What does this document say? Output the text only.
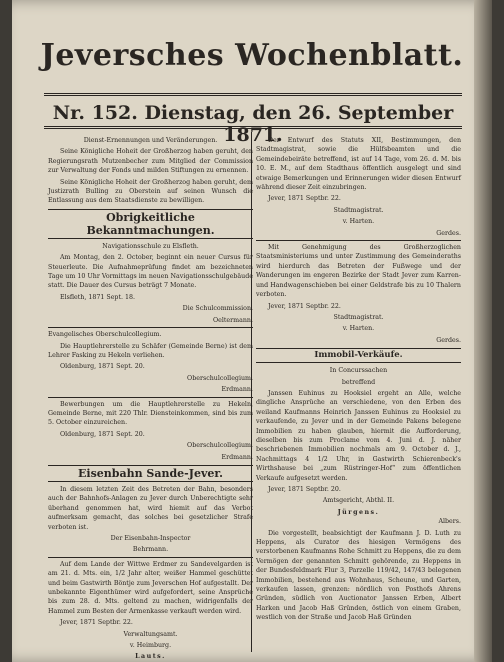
Jeversches Wochenblatt.
Nr. 152. Dienstag, den 26. September 1871.
Dienst-Ernennungen und Veränderungen.
Seine Königliche Hoheit der Großherzog haben geruht, den Regierungsrath Mutzenbecher zum Mitglied der Commission zur Verwaltung der Fonds und milden Stiftungen zu ernennen.
Seine Königliche Hoheit der Großherzog haben geruht, dem Justizrath Bulling zu Oberstein auf seinen Wunsch die Entlassung aus dem Staatsdienste zu bewilligen.
Obrigkeitliche Bekanntmachungen.
Navigationsschule zu Elsfleth.
Am Montag, den 2. October, beginnt ein neuer Cursus für Steuerleute. Die Aufnahmeprüfung findet am bezeichneten Tage um 10 Uhr Vormittags im neuen Navigationsschulgebäude statt. Die Dauer des Cursus beträgt 7 Monate.
Elsfleth, 1871 Sept. 18.
Die Schulcommission.
Oeltermann.
Evangelisches Oberschulcollegium.
Die Hauptlehrerstelle zu Schäfer (Gemeinde Berne) ist dem Lehrer Fasking zu Hekeln verliehen.
Oldenburg, 1871 Sept. 20.
Oberschulcollegium.
Erdmann.
Bewerbungen um die Hauptlehrerstelle zu Hekeln, Gemeinde Berne, mit 220 Thlr. Diensteinkommen, sind bis zum 5. October einzureichen.
Oldenburg, 1871 Sept. 20.
Oberschulcollegium.
Erdmann.
Eisenbahn Sande-Jever.
In diesem letzten Zeit des Betreten der Bahn, besonders auch der Bahnhofs-Anlagen zu Jever durch Unberechtigte sehr überhand genommen hat, wird hiemit auf das Verbot aufmerksam gemacht, das solches bei gesetzlicher Strafe verboten ist.
Der Eisenbahn-Inspector
Behrmann.
Auf dem Lande der Wittwe Erdmer zu Sandevelgarden ist am 21. d. Mts. ein, 1/2 Jahr alter, weißer Hammel geschüttet und beim Gastwirth Böntje zum Jeverschen Hof aufgestallt. Der unbekannte Eigenthümer wird aufgefordert, seine Ansprüche bis zum 28. d. Mts. geltend zu machen, widrigenfalls der Hammel zum Besten der Armenkasse verkauft werden wird.
Jever, 1871 Septbr. 22.
Verwaltungsamt.
v. Heimburg.
Lauts.
Der Entwurf des Statuts XII, Bestimmungen, den Stadtmagistrat, sowie die Hülfsbeamten und die Gemeindebeiräte betreffend, ist auf 14 Tage, vom 26. d. M. bis 10. E. M., auf dem Stadthaus öffentlich ausgelegt und sind etwaige Bemerkungen und Erinnerungen wider diesen Entwurf während dieser Zeit einzubringen.
Jever, 1871 Septbr. 22.
Stadtmagistrat.
v. Harten.
Gerdes.
Mit Genehmigung des Großherzoglichen Staatsministeriums und unter Zustimmung des Gemeinderaths wird hierdurch das Betreten der Fußwege und der Wanderungen im engeren Bezirke der Stadt Jever zum Karren- und Handwagenschieben bei einer Geldstrafe bis zu 10 Thalern verboten.
Jever, 1871 Septbr. 22.
Stadtmagistrat.
v. Harten.
Gerdes.
Immobil-Verkäufe.
In Concurssachen
betreffend
Janssen Euhinus zu Hooksiel ergeht an Alle, welche dingliche Ansprüche an verschiedene, von den Erben des weiland Kaufmanns Heinrich Janssen Euhinus zu Hooksiel zu verkaufende, zu Jever und in der Gemeinde Pakens belegene Immobilien zu haben glauben, hiermit die Aufforderung, dieselben bis zum Proclame vom 4. Juni d. J. näher beschriebenen Immobilien nochmals am 9. October d. J., Nachmittags 4 1/2 Uhr, in Gastwirth Schierenbeck's Wirthshause bei „zum Rüstringer-Hof“ zum öffentlichen Verkaufe aufgesetzt werden.
Jever, 1871 Septbr. 20.
Amtsgericht, Abthl. II.
Jürgens.
Albers.
Die vorgestellt, beabsichtigt der Kaufmann J. D. Luth zu Heppens, als Curator des hiesigen Vermögens des verstorbenen Kaufmanns Rohe Schmitt zu Heppens, die zu dem Vermögen der genannten Schmitt gehörende, zu Heppens in der Bundesfeldmark Flur 3, Parzelle 119/42, 147/43 belegenen Immobilien, bestehend aus Wohnhaus, Scheune, und Garten, verkaufen lassen, grenzen: nördlich von Posthofs Ahrens Gründen, südlich von Auctionator Janssen Erben, Albert Harken und Jacob Haß Gründen, östlich von einem Graben, westlich von der Straße und Jacob Haß Gründen
